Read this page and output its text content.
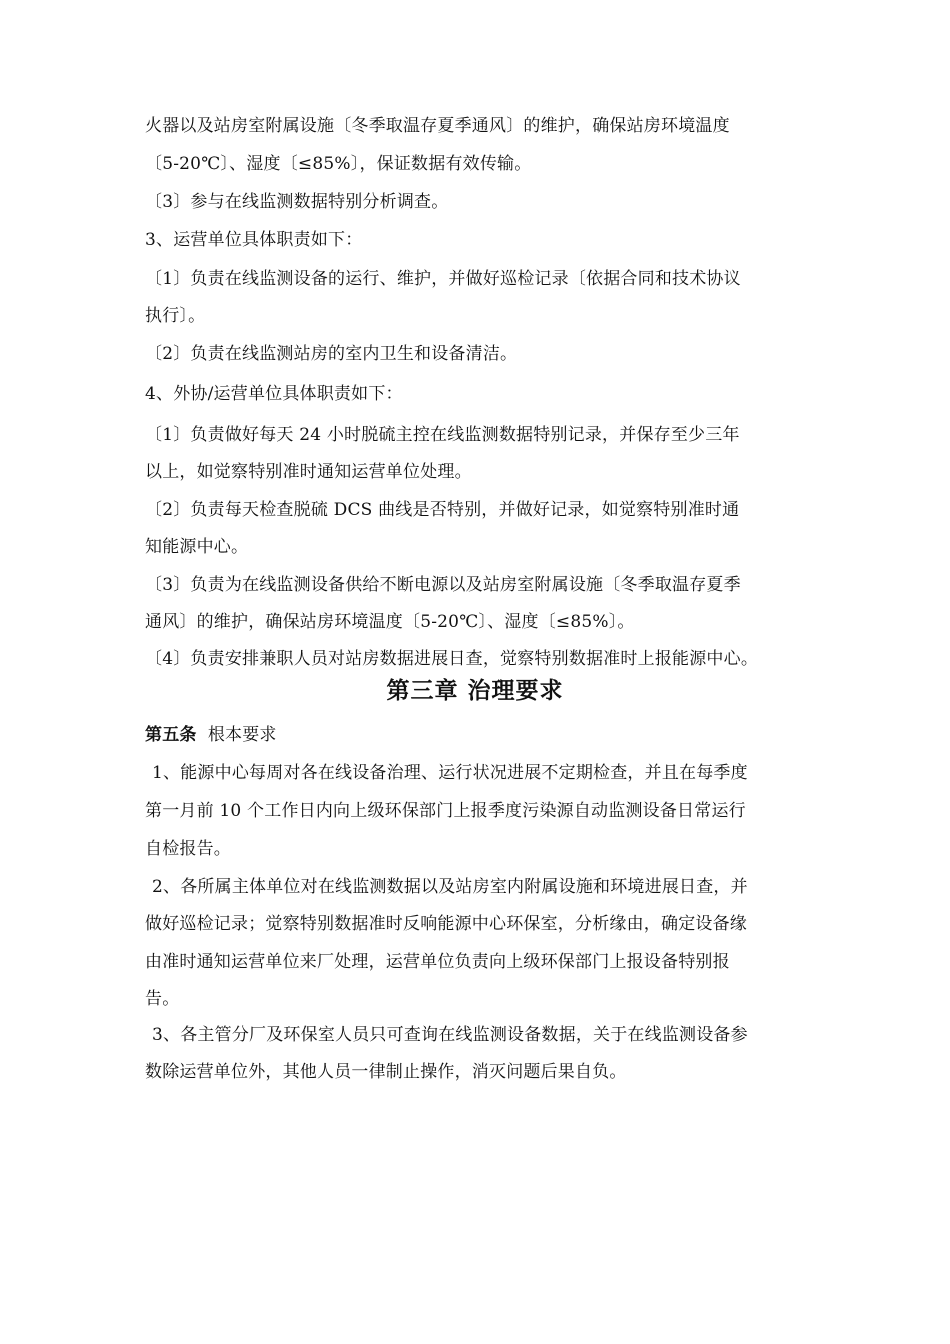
火器以及站房室附属设施〔冬季取温存夏季通风〕的维护，确保站房环境温度
〔5-20℃〕、湿度〔≤85%〕，保证数据有效传输。
〔3〕参与在线监测数据特别分析调查。
3、运营单位具体职责如下：
〔1〕负责在线监测设备的运行、维护，并做好巡检记录〔依据合同和技术协议
执行〕。
〔2〕负责在线监测站房的室内卫生和设备清洁。
4、外协/运营单位具体职责如下：
〔1〕负责做好每天 24 小时脱硫主控在线监测数据特别记录，并保存至少三年
以上，如觉察特别准时通知运营单位处理。
〔2〕负责每天检查脱硫 DCS 曲线是否特别，并做好记录，如觉察特别准时通
知能源中心。
〔3〕负责为在线监测设备供给不断电源以及站房室附属设施〔冬季取温存夏季
通风〕的维护，确保站房环境温度〔5-20℃〕、湿度〔≤85%〕。
〔4〕负责安排兼职人员对站房数据进展日查，觉察特别数据准时上报能源中心。
第三章 治理要求
第五条 根本要求
1、能源中心每周对各在线设备治理、运行状况进展不定期检查，并且在每季度
第一月前 10 个工作日内向上级环保部门上报季度污染源自动监测设备日常运行
自检报告。
2、各所属主体单位对在线监测数据以及站房室内附属设施和环境进展日查，并
做好巡检记录；觉察特别数据准时反响能源中心环保室，分析缘由，确定设备缘
由准时通知运营单位来厂处理，运营单位负责向上级环保部门上报设备特别报
告。
3、各主管分厂及环保室人员只可查询在线监测设备数据，关于在线监测设备参
数除运营单位外，其他人员一律制止操作，消灭问题后果自负。
